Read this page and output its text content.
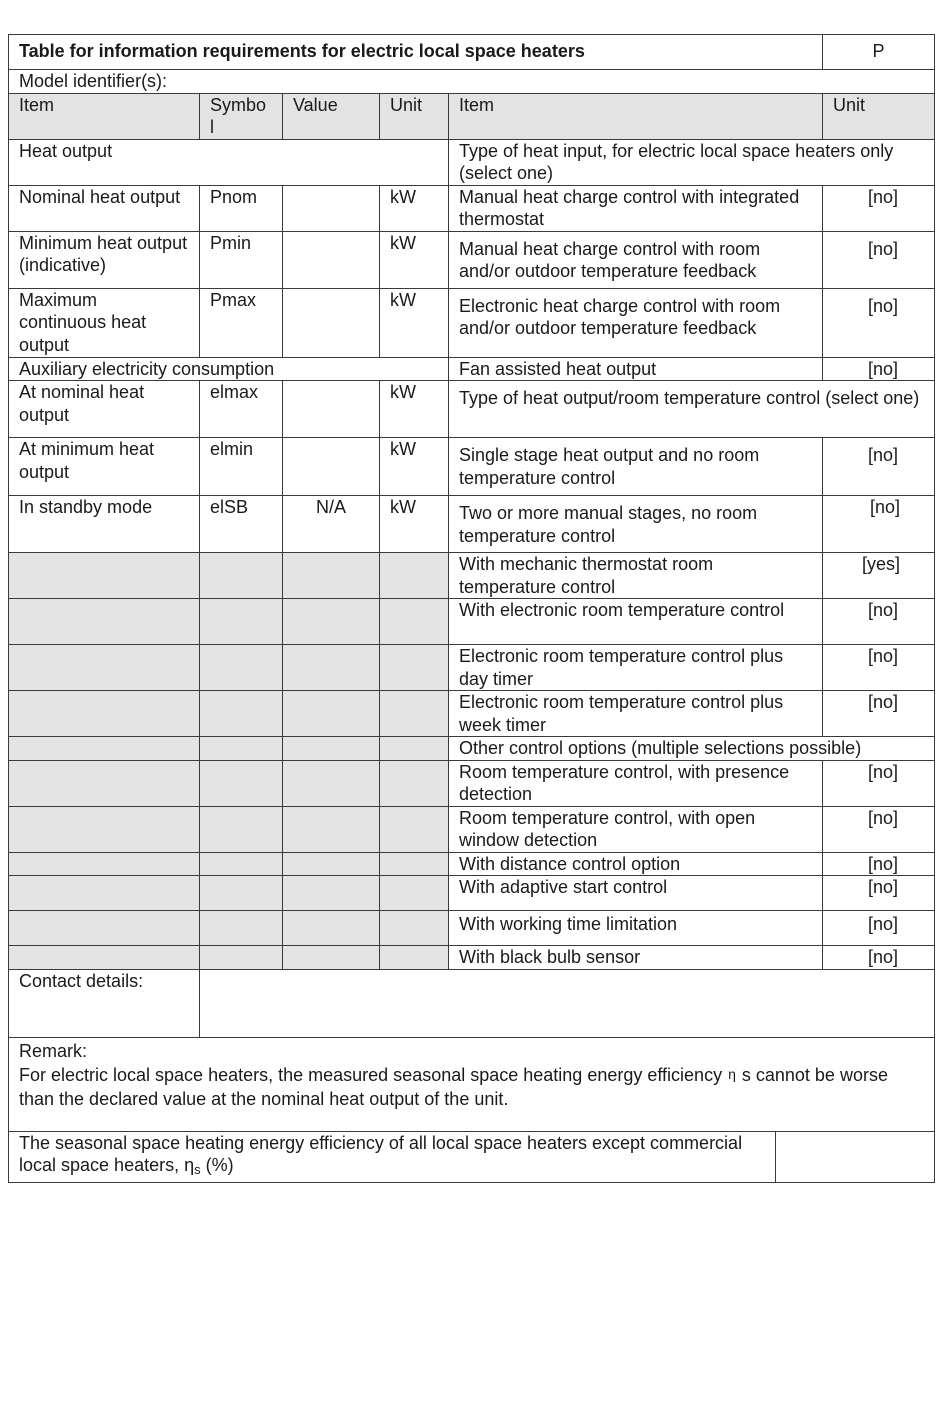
Table for information requirements for electric local space heaters						P
Model identifier(s):						
Item	Symbo l	Value	Unit	Item		Unit
Heat output				Type of heat input, for electric local space heaters only (select one)		
Nominal heat output	Pnom		kW	Manual heat charge control with integrated thermostat		[no]
Minimum heat output (indicative)	Pmin		kW	Manual heat charge control with room and/or outdoor temperature feedback		[no]
Maximum continuous heat output	Pmax		kW	Electronic heat charge control with room and/or outdoor temperature feedback		[no]
Auxiliary electricity consumption				Fan assisted heat output		[no]
At nominal heat output	elmax		kW	Type of heat output/room temperature control (select one)		
At minimum heat output	elmin		kW	Single stage heat output and no room temperature control		[no]
In standby mode	elSB	N/A	kW	Two or more manual stages, no room temperature control		[no]
				With mechanic thermostat room temperature control		[yes]
				With electronic room temperature control		[no]
				Electronic room temperature control plus day timer		[no]
				Electronic room temperature control plus week timer		[no]
				Other control options (multiple selections possible)		
				Room temperature control, with presence detection		[no]
				Room temperature control, with open window detection		[no]
				With distance control option		[no]
				With adaptive start control		[no]
				With working time limitation		[no]
				With black bulb sensor		[no]
Contact details:						

Remark:
For electric local space heaters, the measured seasonal space heating energy efficiency η s cannot be worse than the declared value at the nominal heat output of the unit.						
The seasonal space heating energy efficiency of all local space heaters except commercial local space heaters, $\eta_s$ (%)						
